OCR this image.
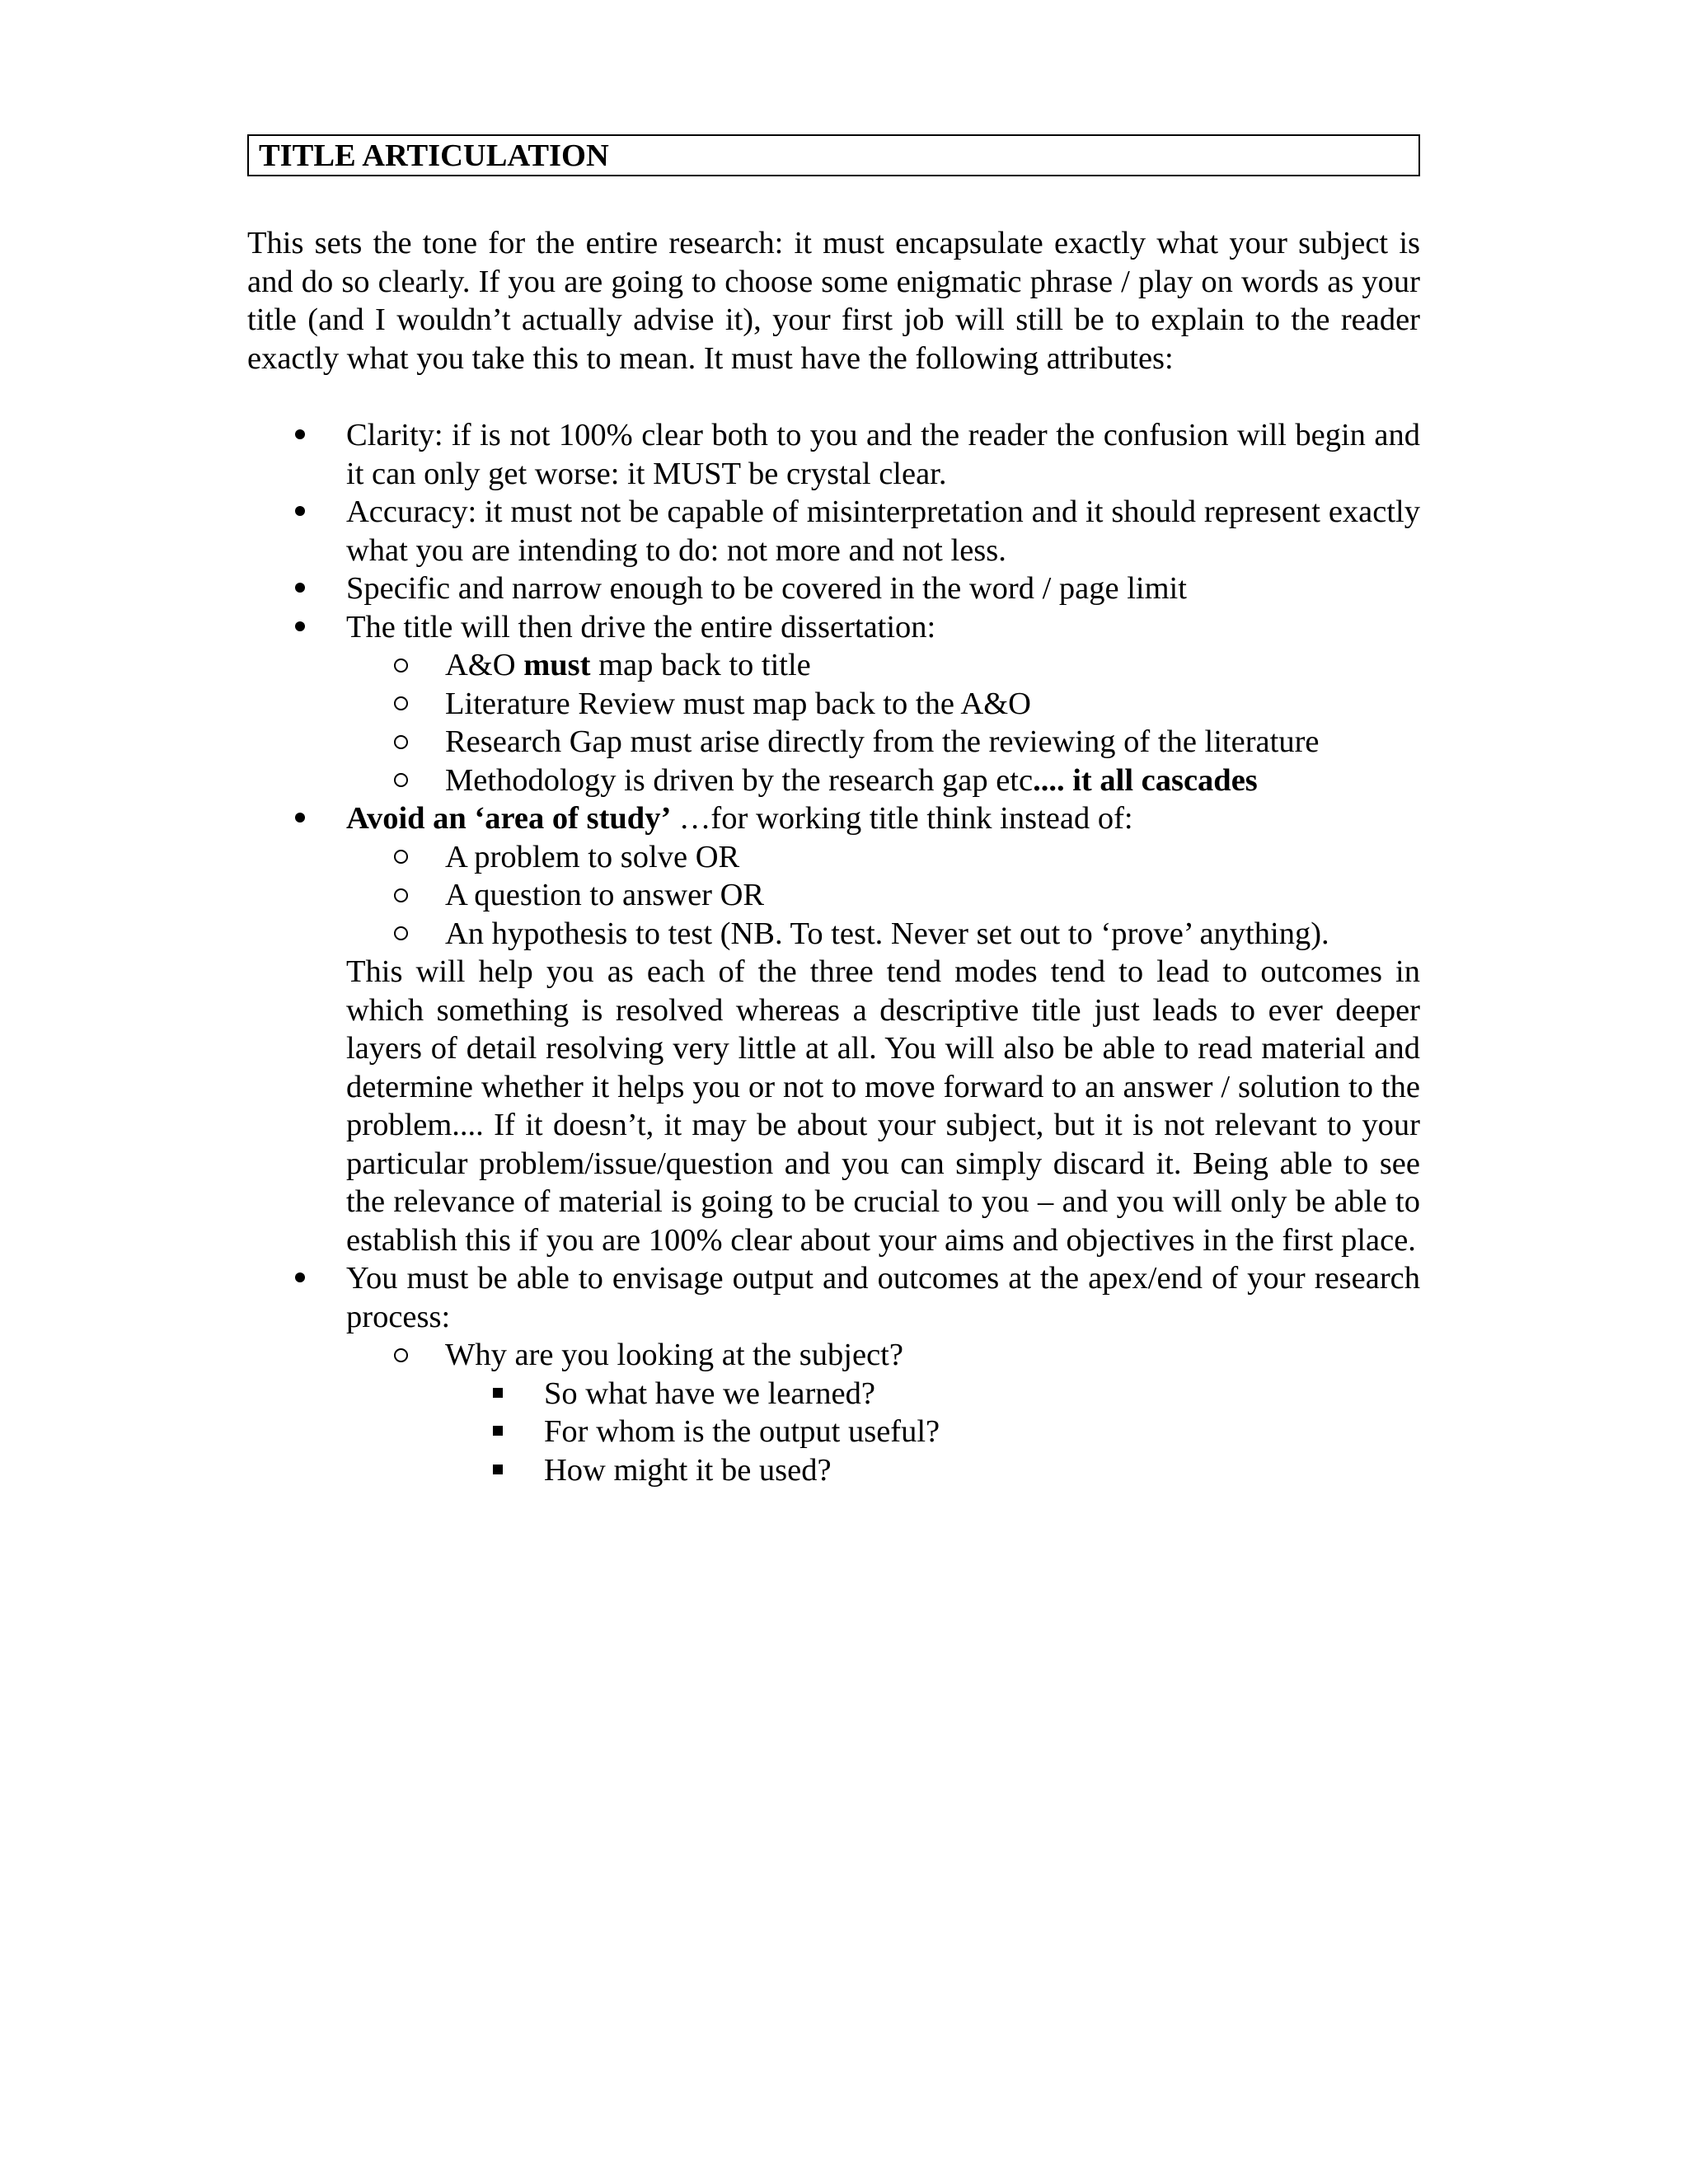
TITLE ARTICULATION

This sets the tone for the entire research: it must encapsulate exactly what your subject is and do so clearly. If you are going to choose some enigmatic phrase / play on words as your title (and I wouldn’t actually advise it), your first job will still be to explain to the reader exactly what you take this to mean. It must have the following attributes:

Clarity: if is not 100% clear both to you and the reader the confusion will begin and it can only get worse: it MUST be crystal clear.
Accuracy: it must not be capable of misinterpretation and it should represent exactly what you are intending to do: not more and not less.
Specific and narrow enough to be covered in the word / page limit
The title will then drive the entire dissertation:
A&O must map back to title
Literature Review must map back to the A&O
Research Gap must arise directly from the reviewing of the literature
Methodology is driven by the research gap etc.... it all cascades
Avoid an ‘area of study’ …for working title think instead of:
A problem to solve OR
A question to answer OR
An hypothesis to test (NB. To test. Never set out to ‘prove’ anything).

This will help you as each of the three tend modes tend to lead to outcomes in which something is resolved whereas a descriptive title just leads to ever deeper layers of detail resolving very little at all. You will also be able to read material and determine whether it helps you or not to move forward to an answer / solution to the problem.... If it doesn’t, it may be about your subject, but it is not relevant to your particular problem/issue/question and you can simply discard it. Being able to see the relevance of material is going to be crucial to you – and you will only be able to establish this if you are 100% clear about your aims and objectives in the first place.

You must be able to envisage output and outcomes at the apex/end of your research process:
Why are you looking at the subject?
So what have we learned?
For whom is the output useful?
How might it be used?
